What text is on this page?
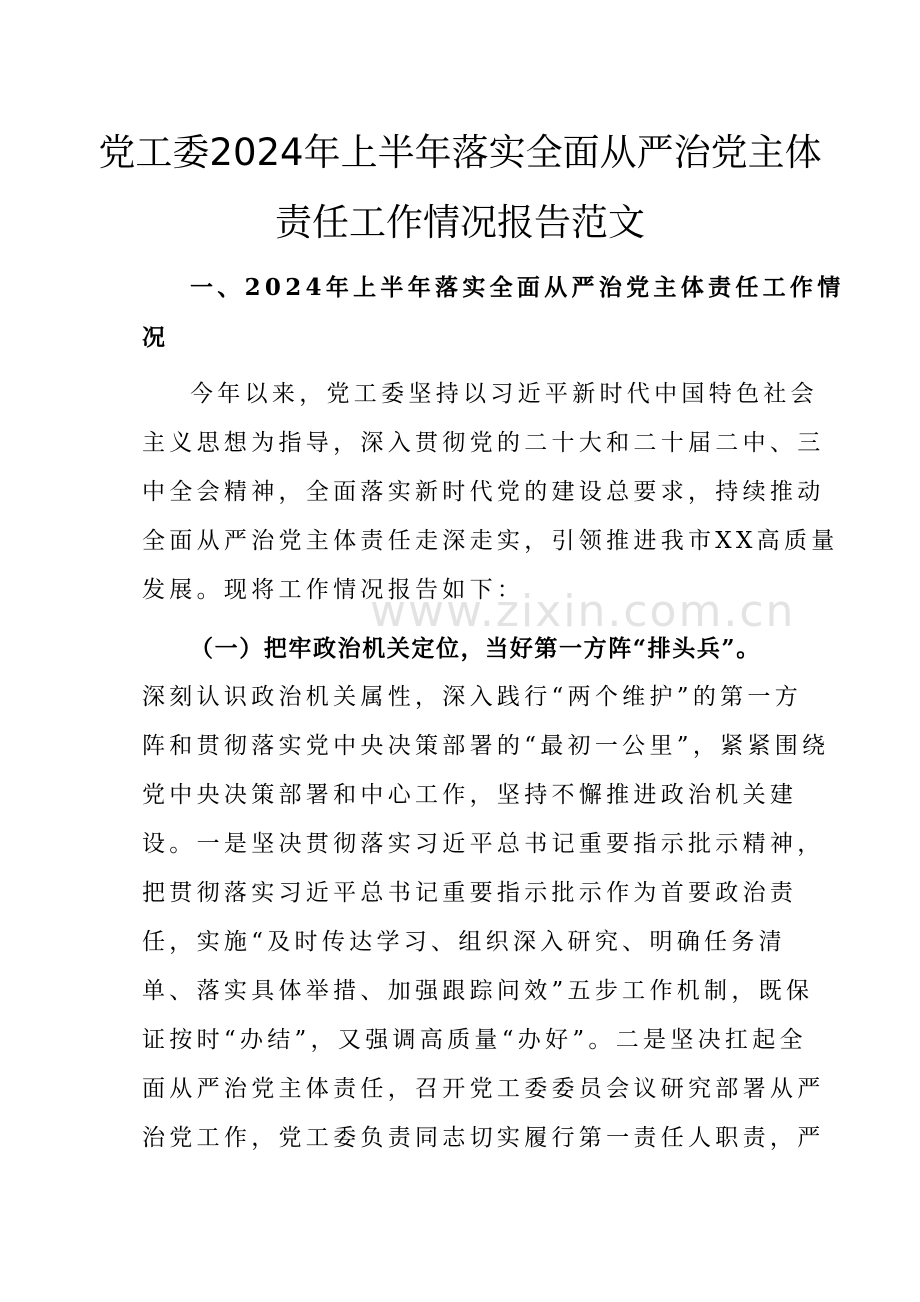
www.zixin.com.cn
党工委2024年上半年落实全面从严治党主体
责任工作情况报告范文
一、2024年上半年落实全面从严治党主体责任工作情
况
今年以来，党工委坚持以习近平新时代中国特色社会
主义思想为指导，深入贯彻党的二十大和二十届二中、三
中全会精神，全面落实新时代党的建设总要求，持续推动
全面从严治党主体责任走深走实，引领推进我市XX高质量
发展。现将工作情况报告如下：
（一）把牢政治机关定位，当好第一方阵“排头兵”。
深刻认识政治机关属性，深入践行“两个维护”的第一方
阵和贯彻落实党中央决策部署的“最初一公里”，紧紧围绕
党中央决策部署和中心工作，坚持不懈推进政治机关建
设。一是坚决贯彻落实习近平总书记重要指示批示精神，
把贯彻落实习近平总书记重要指示批示作为首要政治责
任，实施“及时传达学习、组织深入研究、明确任务清
单、落实具体举措、加强跟踪问效”五步工作机制，既保
证按时“办结”，又强调高质量“办好”。二是坚决扛起全
面从严治党主体责任，召开党工委委员会议研究部署从严
治党工作，党工委负责同志切实履行第一责任人职责，严
